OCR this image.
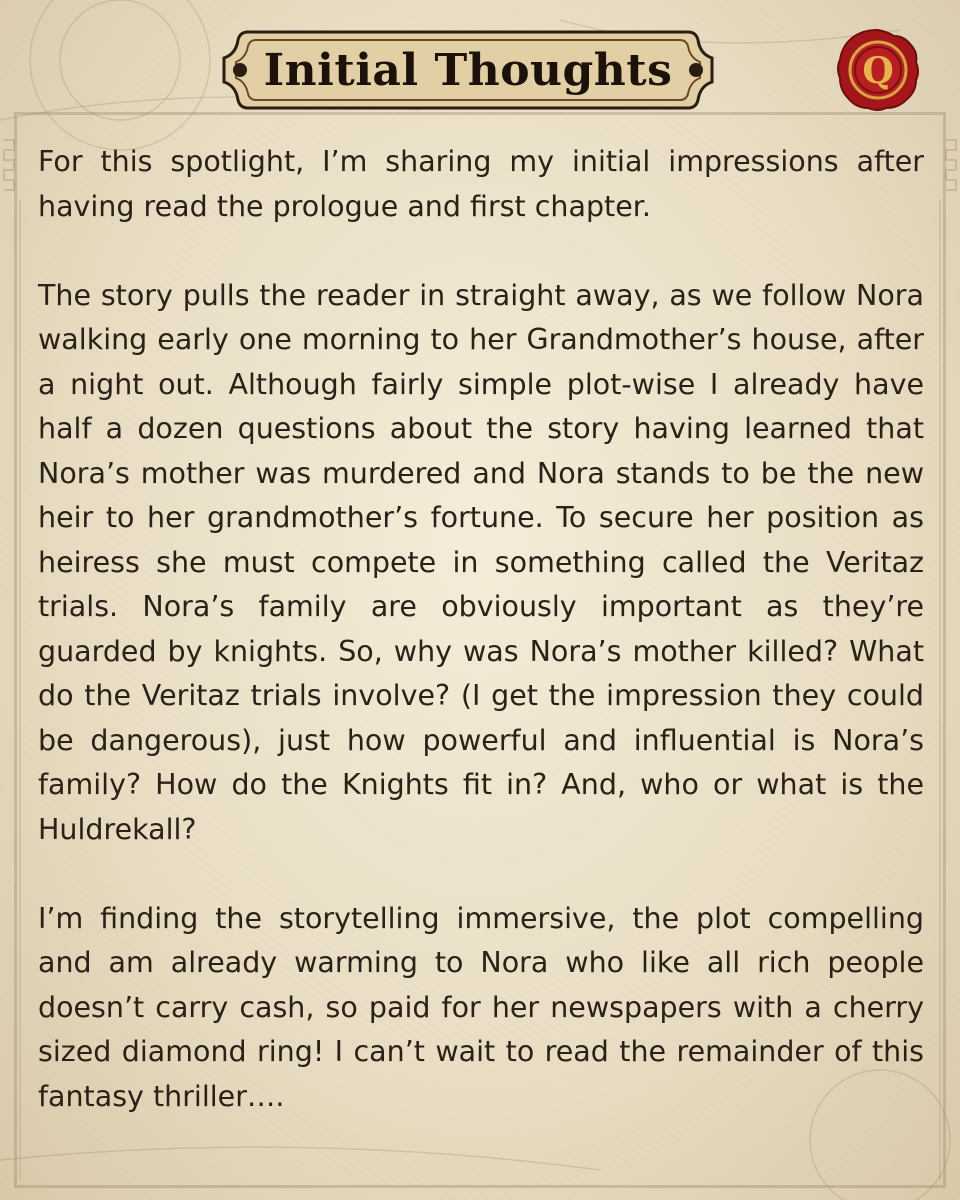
Initial Thoughts	Q

For this spotlight, I’m sharing my initial impressions after having read the prologue and first chapter.

The story pulls the reader in straight away, as we follow Nora walking early one morning to her Grandmother’s house, after a night out. Although fairly simple plot-wise I already have half a dozen questions about the story having learned that Nora’s mother was murdered and Nora stands to be the new heir to her grandmother’s fortune. To secure her position as heiress she must compete in something called the Veritaz trials. Nora’s family are obviously important as they’re guarded by knights. So, why was Nora’s mother killed? What do the Veritaz trials involve? (I get the impression they could be dangerous), just how powerful and influential is Nora’s family? How do the Knights fit in? And, who or what is the Huldrekall?

I’m finding the storytelling immersive, the plot compelling and am already warming to Nora who like all rich people doesn’t carry cash, so paid for her newspapers with a cherry sized diamond ring! I can’t wait to read the remainder of this fantasy thriller….
